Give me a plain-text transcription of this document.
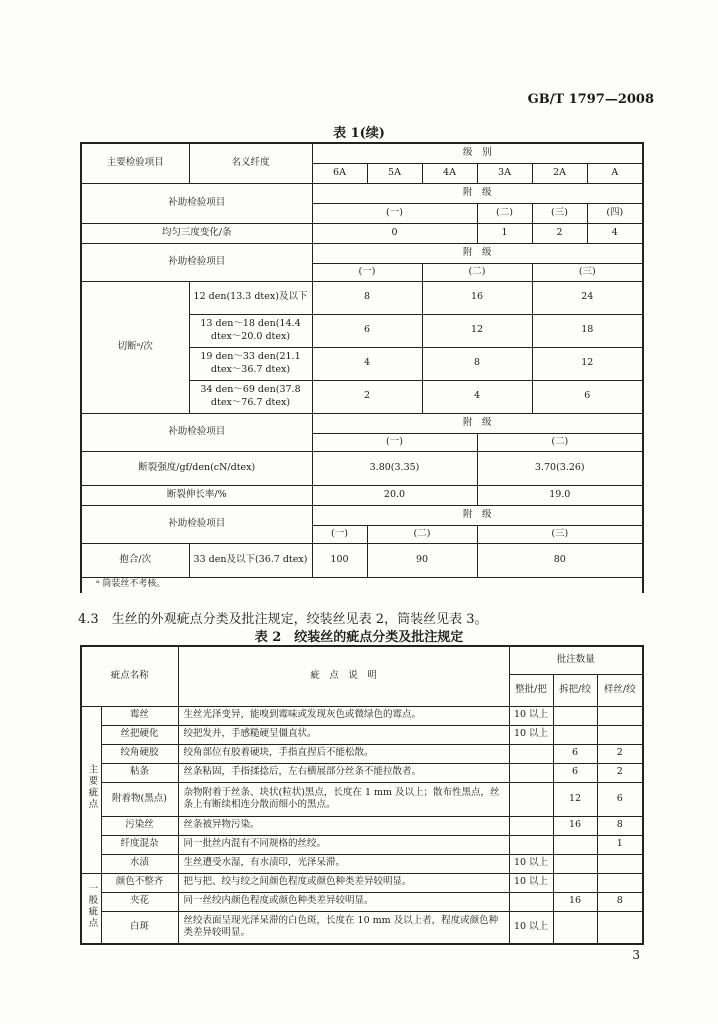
GB/T 1797—2008
表 1(续)
主要检验项目	名义纤度	级　别					
		6A	5A	4A	3A	2A	A
补助检验项目		附　级					
		(一)			(二)	(三)	(四)
均匀三度变化/条		0			1	2	4
补助检验项目		附　级					
		(一)		(二)		(三)	
切断ᵃ/次	12 den(13.3 dtex)及以下	8		16		24	
	13 den～18 den(14.4 dtex～20.0 dtex)	6		12		18	
	19 den～33 den(21.1 dtex～36.7 dtex)	4		8		12	
	34 den～69 den(37.8 dtex～76.7 dtex)	2		4		6	
补助检验项目		附　级					
		(一)			(二)		
断裂强度/gf/den(cN/dtex)		3.80(3.35)			3.70(3.26)		
断裂伸长率/%		20.0			19.0		
补助检验项目		附　级					
		(一)	(二)		(三)		
抱合/次	33 den及以下(36.7 dtex)	100	90		80		
ᵃ 筒装丝不考核。							
4.3　生丝的外观疵点分类及批注规定，绞装丝见表 2，筒装丝见表 3。
表 2　绞装丝的疵点分类及批注规定
疵点名称		疵　点　说　明	批注数量		
			整批/把	拆把/绞	样丝/绞
主要疵点	霉丝	生丝光泽变异，能嗅到霉味或发现灰色或微绿色的霉点。	10 以上		
	丝把硬化	绞把发并，手感糙硬呈僵直状。	10 以上		
	绞角硬胶	绞角部位有胶着硬块，手指直捏后不能松散。		6	2
	粘条	丝条粘固，手指揉捻后，左右横展部分丝条不能拉散者。		6	2
	附着物(黑点)	杂物附着于丝条、块状(粒状)黑点，长度在 1 mm 及以上；散布性黑点，丝条上有断续相连分散而细小的黑点。		12	6
	污染丝	丝条被异物污染。		16	8
	纤度混杂	同一批丝内混有不同规格的丝绞。			1
	水渍	生丝遭受水湿，有水渍印，光泽呆滞。	10 以上		
一般疵点	颜色不整齐	把与把、绞与绞之间颜色程度或颜色种类差异较明显。	10 以上		
	夹花	同一丝绞内颜色程度或颜色种类差异较明显。		16	8
	白斑	丝绞表面呈现光泽呆滞的白色斑，长度在 10 mm 及以上者，程度或颜色种类差异较明显。	10 以上		
3
